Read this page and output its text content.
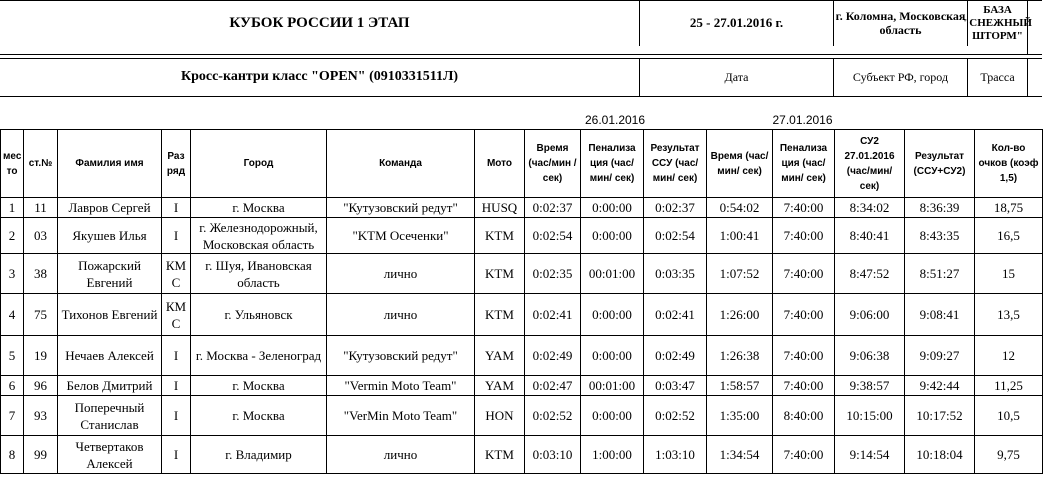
КУБОК РОССИИ 1 ЭТАП	25 - 27.01.2016 г.	г. Коломна, Московская область
БАЗА "СНЕЖНЫЙ ШТОРМ"
Кросс-кантри класс "OPEN" (0910331511Л)	Дата	Субъект РФ, город	Трасса
26.01.2016	27.01.2016
мес то	ст.№	Фамилия имя	Раз ряд	Город	Команда	Мото	Время (час/мин /сек)	Пенализа ция (час/мин/ сек)	Результат ССУ (час/мин/ сек)	Время (час/мин/ сек)	Пенализа ция (час/мин/ сек)	СУ2 27.01.2016 (час/мин/ сек)	Результат (ССУ+СУ2)	Кол-во очков (коэф 1,5)
1	11	Лавров Сергей	I	г. Москва	"Кутузовский редут"	HUSQ	0:02:37	0:00:00	0:02:37	0:54:02	7:40:00	8:34:02	8:36:39	18,75
2	03	Якушев Илья	I	г. Железнодорожный, Московская область	"KTM Осеченки"	KTM	0:02:54	0:00:00	0:02:54	1:00:41	7:40:00	8:40:41	8:43:35	16,5
3	38	Пожарский Евгений	КМ С	г. Шуя, Ивановская область	лично	KTM	0:02:35	00:01:00	0:03:35	1:07:52	7:40:00	8:47:52	8:51:27	15
4	75	Тихонов Евгений	КМ С	г. Ульяновск	лично	KTM	0:02:41	0:00:00	0:02:41	1:26:00	7:40:00	9:06:00	9:08:41	13,5
5	19	Нечаев Алексей	I	г. Москва - Зеленоград	"Кутузовский редут"	YAM	0:02:49	0:00:00	0:02:49	1:26:38	7:40:00	9:06:38	9:09:27	12
6	96	Белов Дмитрий	I	г. Москва	"Vermin Moto Team"	YAM	0:02:47	00:01:00	0:03:47	1:58:57	7:40:00	9:38:57	9:42:44	11,25
7	93	Поперечный Станислав	I	г. Москва	"VerMin Moto Team"	HON	0:02:52	0:00:00	0:02:52	1:35:00	8:40:00	10:15:00	10:17:52	10,5
8	99	Четвертаков Алексей	I	г. Владимир	лично	KTM	0:03:10	1:00:00	1:03:10	1:34:54	7:40:00	9:14:54	10:18:04	9,75
